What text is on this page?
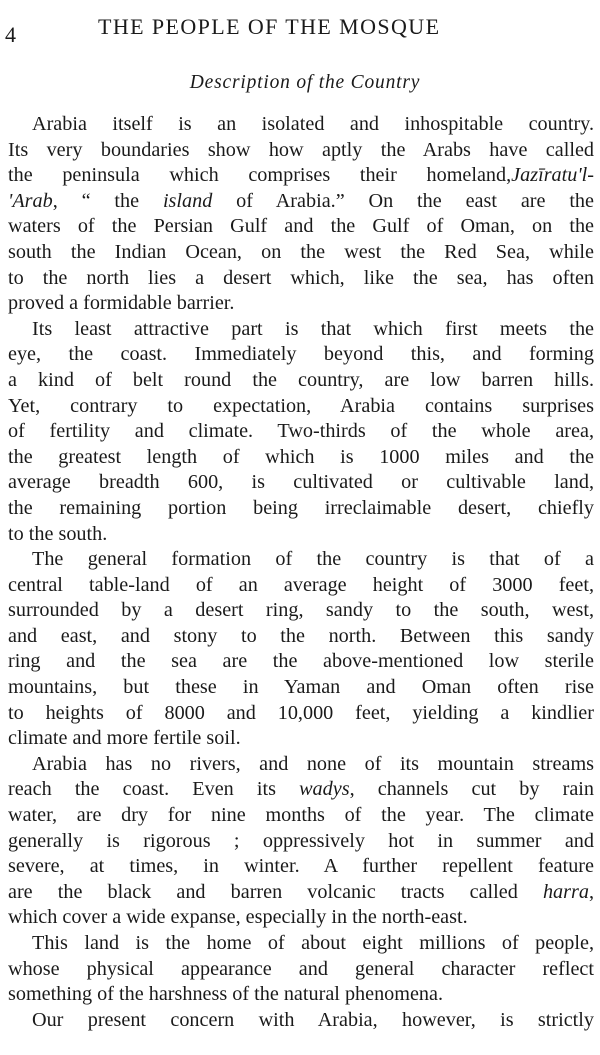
4	THE PEOPLE OF THE MOSQUE
Description of the Country
Arabia itself is an isolated and inhospitable country.
Its very boundaries show how aptly the Arabs have called
the peninsula which comprises their homeland,Jazīratu'l-
'Arab, “ the island of Arabia.” On the east are the
waters of the Persian Gulf and the Gulf of Oman, on the
south the Indian Ocean, on the west the Red Sea, while
to the north lies a desert which, like the sea, has often
proved a formidable barrier.
Its least attractive part is that which first meets the
eye, the coast. Immediately beyond this, and forming
a kind of belt round the country, are low barren hills.
Yet, contrary to expectation, Arabia contains surprises
of fertility and climate. Two-thirds of the whole area,
the greatest length of which is 1000 miles and the
average breadth 600, is cultivated or cultivable land,
the remaining portion being irreclaimable desert, chiefly
to the south.
The general formation of the country is that of a
central table-land of an average height of 3000 feet,
surrounded by a desert ring, sandy to the south, west,
and east, and stony to the north. Between this sandy
ring and the sea are the above-mentioned low sterile
mountains, but these in Yaman and Oman often rise
to heights of 8000 and 10,000 feet, yielding a kindlier
climate and more fertile soil.
Arabia has no rivers, and none of its mountain streams
reach the coast. Even its wadys, channels cut by rain
water, are dry for nine months of the year. The climate
generally is rigorous ; oppressively hot in summer and
severe, at times, in winter. A further repellent feature
are the black and barren volcanic tracts called harra,
which cover a wide expanse, especially in the north-east.
This land is the home of about eight millions of people,
whose physical appearance and general character reflect
something of the harshness of the natural phenomena.
Our present concern with Arabia, however, is strictly
